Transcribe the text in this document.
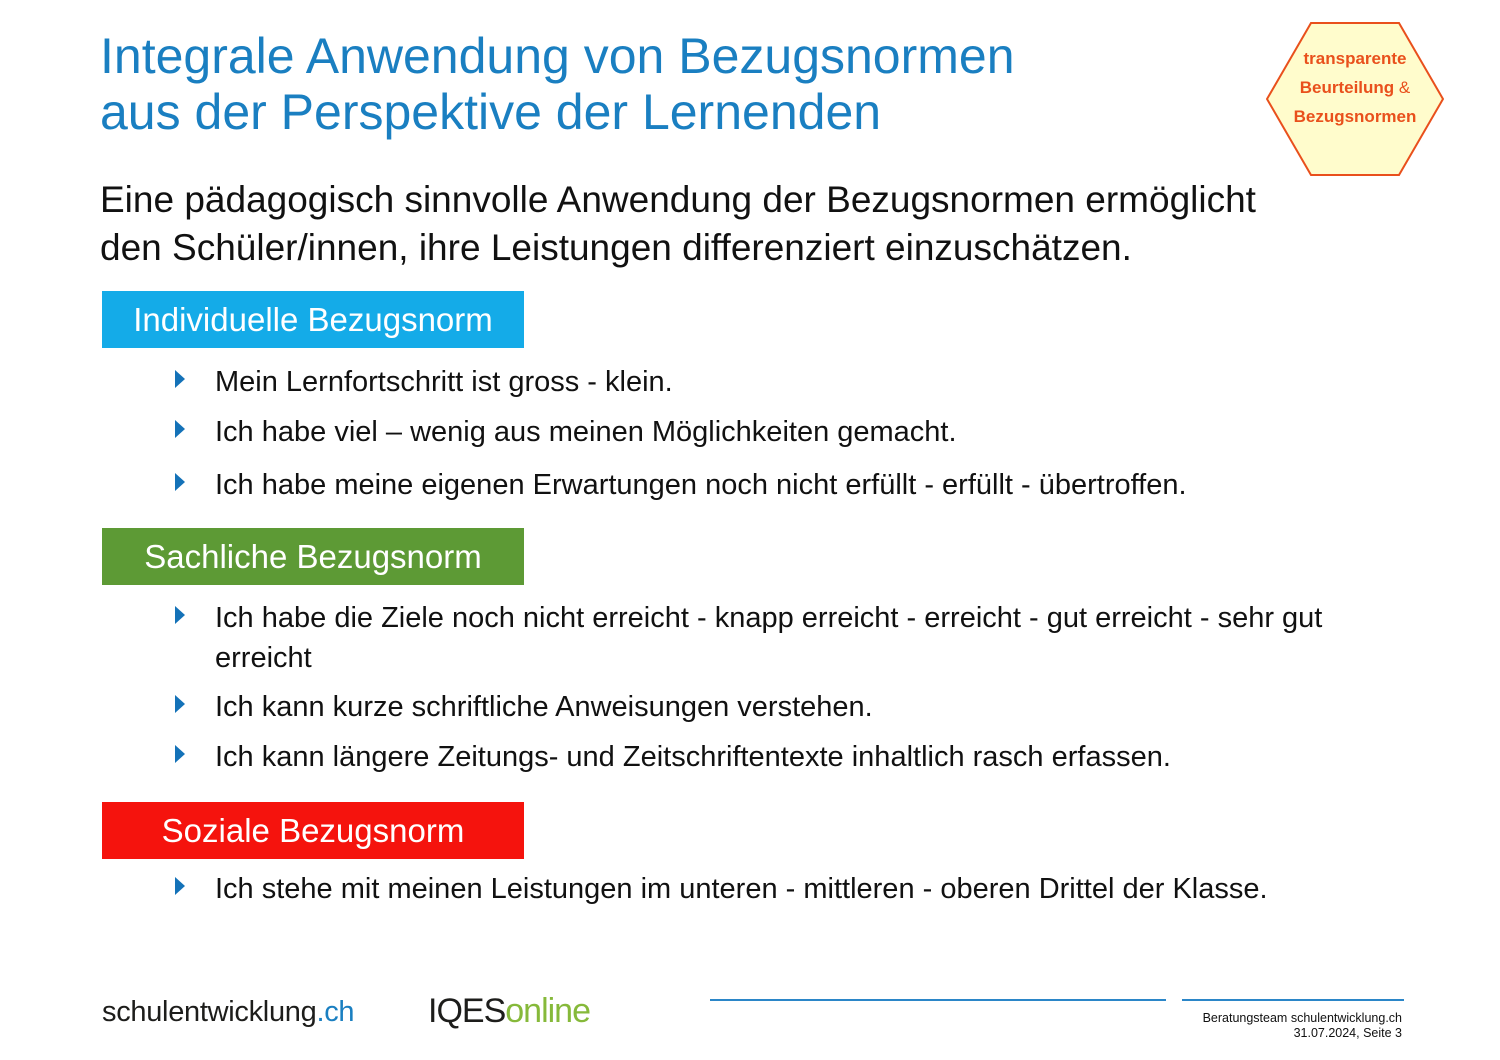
Integrale Anwendung von Bezugsnormen
aus der Perspektive der Lernenden
transparente
Beurteilung &
Bezugsnormen

Eine pädagogisch sinnvolle Anwendung der Bezugsnormen ermöglicht
den Schüler/innen, ihre Leistungen differenziert einzuschätzen.

Individuelle Bezugsnorm
Sachliche Bezugsnorm
Soziale Bezugsnorm
Mein Lernfortschritt ist gross - klein.
Ich habe viel – wenig aus meinen Möglichkeiten gemacht.
Ich habe meine eigenen Erwartungen noch nicht erfüllt - erfüllt - übertroffen.
Ich habe die Ziele noch nicht erreicht - knapp erreicht - erreicht - gut erreicht - sehr gut erreicht
Ich kann kurze schriftliche Anweisungen verstehen.
Ich kann längere Zeitungs- und Zeitschriftentexte inhaltlich rasch erfassen.
Ich stehe mit meinen Leistungen im unteren - mittleren - oberen Drittel der Klasse.
schulentwicklung.ch IQESonline	Beratungsteam schulentwicklung.ch
31.07.2024, Seite 3
